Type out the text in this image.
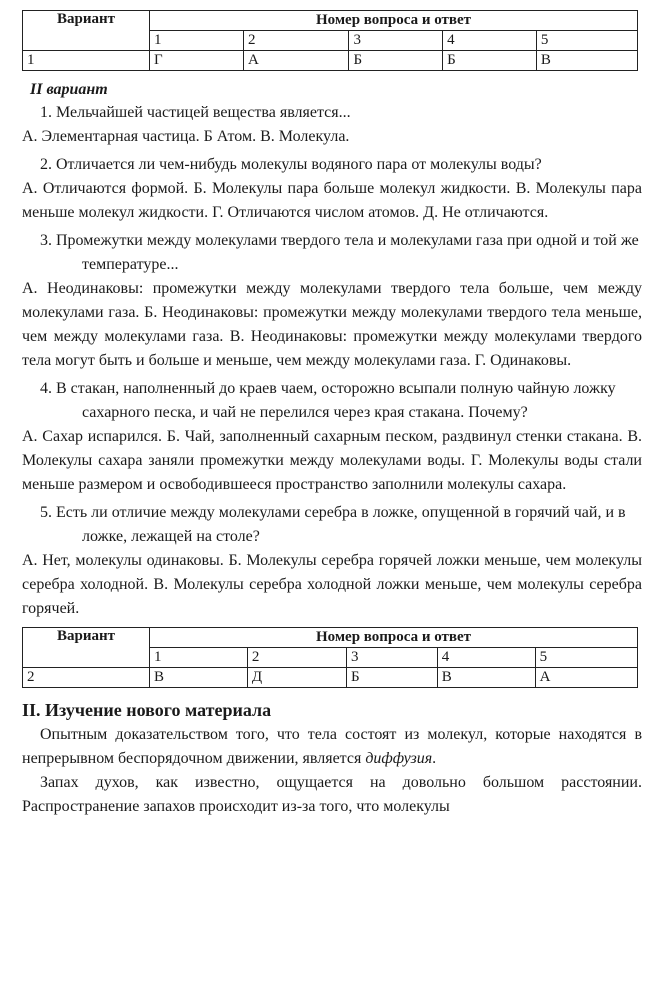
Вариант	Номер вопроса и ответ				
	1	2	3	4	5
1	Г	А	Б	Б	В
II вариант

1. Мельчайшей частицей вещества является...

А. Элементарная частица. Б Атом. В. Молекула.

2. Отличается ли чем-нибудь молекулы водяного пара от молекулы воды?

А. Отличаются формой. Б. Молекулы пара больше молекул жидкости. В. Молекулы пара меньше молекул жидкости. Г. Отличаются числом атомов. Д. Не отличаются.

3. Промежутки между молекулами твердого тела и молекулами газа при одной и той же температуре...

А. Неодинаковы: промежутки между молекулами твердого тела больше, чем между молекулами газа. Б. Неодинаковы: промежутки между молекулами твердого тела меньше, чем между молекулами газа. В. Неодинаковы: промежутки между молекулами твердого тела могут быть и больше и меньше, чем между молекулами газа. Г. Одинаковы.

4. В стакан, наполненный до краев чаем, осторожно всыпали полную чайную ложку сахарного песка, и чай не перелился через края стакана. Почему?

А. Сахар испарился. Б. Чай, заполненный сахарным песком, раздвинул стенки стакана. В. Молекулы сахара заняли промежутки между молекулами воды. Г. Молекулы воды стали меньше размером и освободившееся пространство заполнили молекулы сахара.

5. Есть ли отличие между молекулами серебра в ложке, опущенной в горячий чай, и в ложке, лежащей на столе?

А. Нет, молекулы одинаковы. Б. Молекулы серебра горячей ложки меньше, чем молекулы серебра холодной. В. Молекулы серебра холодной ложки меньше, чем молекулы серебра горячей.

Вариант	Номер вопроса и ответ				
	1	2	3	4	5
2	В	Д	Б	В	А
II. Изучение нового материала

Опытным доказательством того, что тела состоят из молекул, которые находятся в непрерывном беспорядочном движении, является диффузия.

Запах духов, как известно, ощущается на довольно большом расстоянии. Распространение запахов происходит из-за того, что молекулы
